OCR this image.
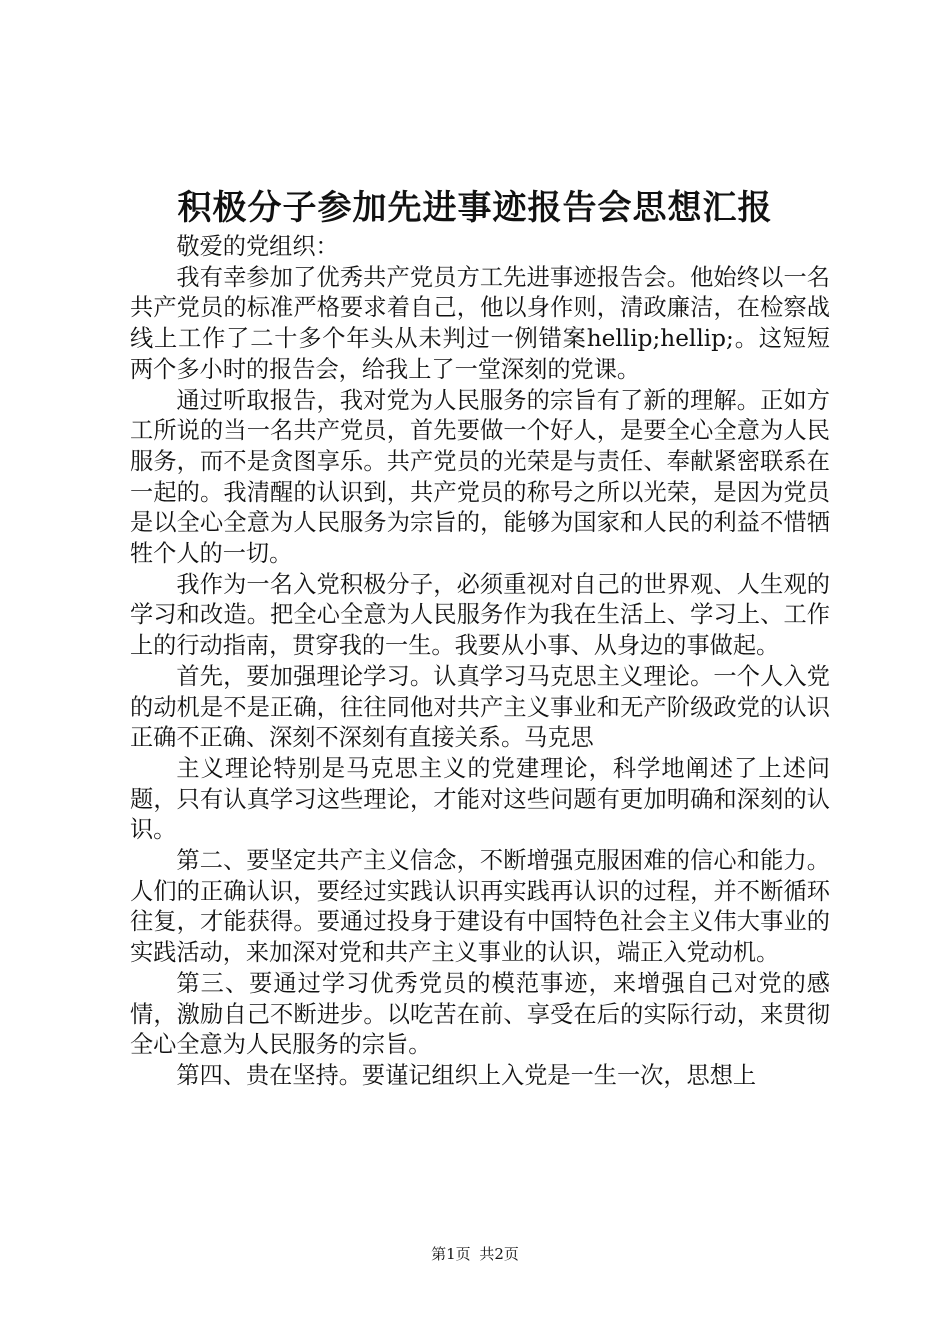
积极分子参加先进事迹报告会思想汇报

敬爱的党组织：

我有幸参加了优秀共产党员方工先进事迹报告会。他始终以一名共产党员的标准严格要求着自己，他以身作则，清政廉洁，在检察战线上工作了二十多个年头从未判过一例错案hellip;hellip;。这短短两个多小时的报告会，给我上了一堂深刻的党课。

通过听取报告，我对党为人民服务的宗旨有了新的理解。正如方工所说的当一名共产党员，首先要做一个好人，是要全心全意为人民服务，而不是贪图享乐。共产党员的光荣是与责任、奉献紧密联系在一起的。我清醒的认识到，共产党员的称号之所以光荣，是因为党员是以全心全意为人民服务为宗旨的，能够为国家和人民的利益不惜牺牲个人的一切。

我作为一名入党积极分子，必须重视对自己的世界观、人生观的学习和改造。把全心全意为人民服务作为我在生活上、学习上、工作上的行动指南，贯穿我的一生。我要从小事、从身边的事做起。

首先，要加强理论学习。认真学习马克思主义理论。一个人入党的动机是不是正确，往往同他对共产主义事业和无产阶级政党的认识正确不正确、深刻不深刻有直接关系。马克思

主义理论特别是马克思主义的党建理论，科学地阐述了上述问题，只有认真学习这些理论，才能对这些问题有更加明确和深刻的认识。

第二、要坚定共产主义信念，不断增强克服困难的信心和能力。人们的正确认识，要经过实践认识再实践再认识的过程，并不断循环往复，才能获得。要通过投身于建设有中国特色社会主义伟大事业的实践活动，来加深对党和共产主义事业的认识，端正入党动机。

第三、要通过学习优秀党员的模范事迹，来增强自己对党的感情，激励自己不断进步。以吃苦在前、享受在后的实际行动，来贯彻全心全意为人民服务的宗旨。

第四、贵在坚持。要谨记组织上入党是一生一次，思想上

第1页 共2页
